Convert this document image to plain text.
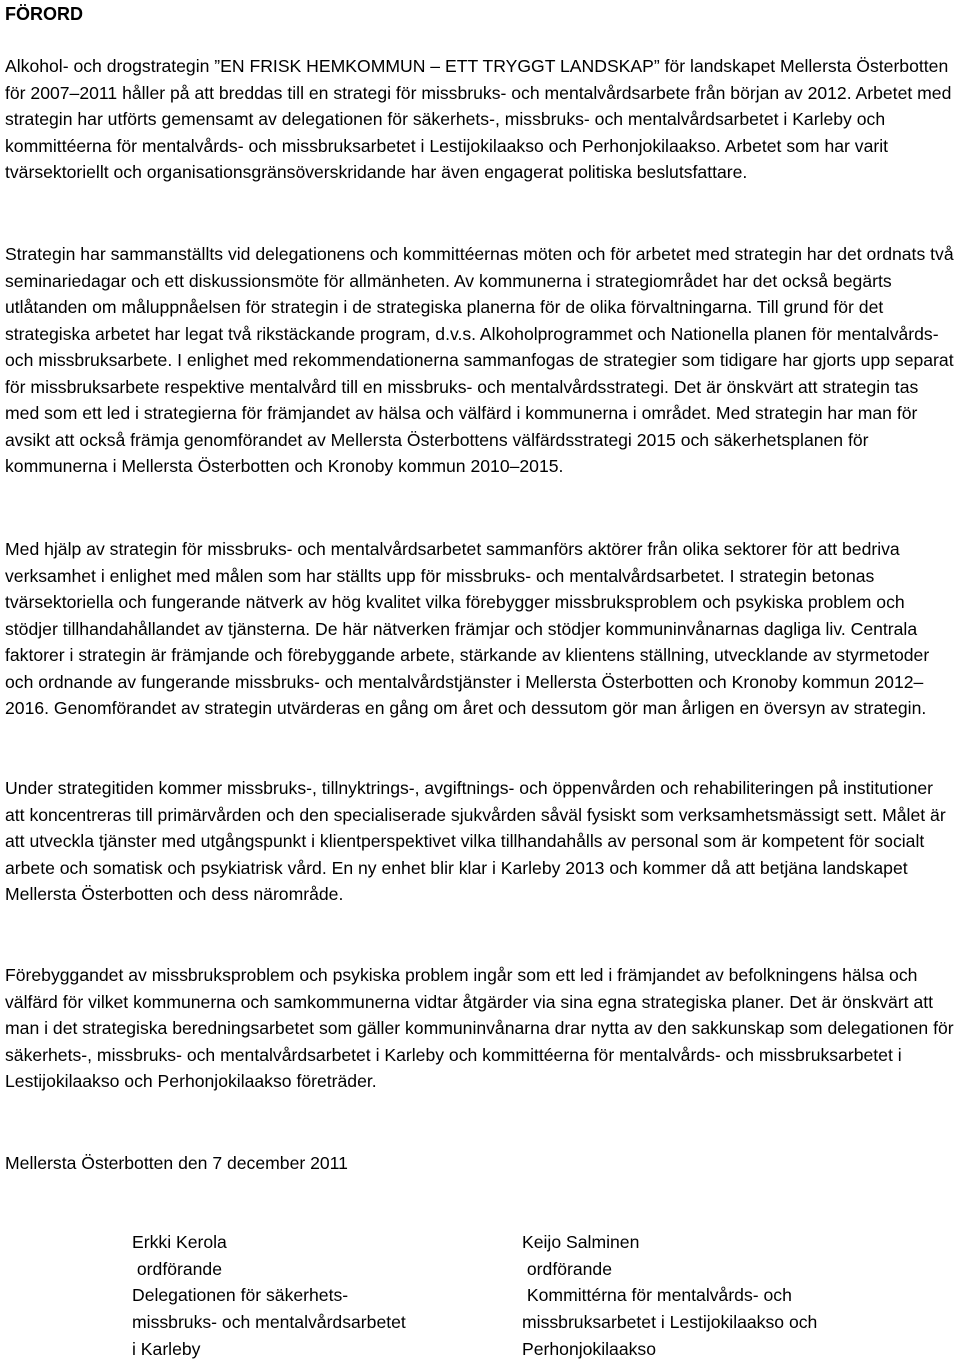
FÖRORD

Alkohol- och drogstrategin ”EN FRISK HEMKOMMUN – ETT TRYGGT LANDSKAP” för landskapet Mellersta Österbotten för 2007–2011 håller på att breddas till en strategi för missbruks- och mentalvårdsarbete från början av 2012. Arbetet med strategin har utförts gemensamt av delegationen för säkerhets-, missbruks- och mentalvårdsarbetet i Karleby och kommittéerna för mentalvårds- och missbruksarbetet i Lestijokilaakso och Perhonjokilaakso. Arbetet som har varit tvärsektoriellt och organisationsgränsöverskridande har även engagerat politiska beslutsfattare.

Strategin har sammanställts vid delegationens och kommittéernas möten och för arbetet med strategin har det ordnats två seminariedagar och ett diskussionsmöte för allmänheten. Av kommunerna i strategiområdet har det också begärts utlåtanden om måluppnåelsen för strategin i de strategiska planerna för de olika förvaltningarna. Till grund för det strategiska arbetet har legat två rikstäckande program, d.v.s. Alkoholprogrammet och Nationella planen för mentalvårds- och missbruksarbete. I enlighet med rekommendationerna sammanfogas de strategier som tidigare har gjorts upp separat för missbruksarbete respektive mentalvård till en missbruks- och mentalvårdsstrategi. Det är önskvärt att strategin tas med som ett led i strategierna för främjandet av hälsa och välfärd i kommunerna i området. Med strategin har man för avsikt att också främja genomförandet av Mellersta Österbottens välfärdsstrategi 2015 och säkerhetsplanen för kommunerna i Mellersta Österbotten och Kronoby kommun 2010–2015.

Med hjälp av strategin för missbruks- och mentalvårdsarbetet sammanförs aktörer från olika sektorer för att bedriva verksamhet i enlighet med målen som har ställts upp för missbruks- och mentalvårdsarbetet. I strategin betonas tvärsektoriella och fungerande nätverk av hög kvalitet vilka förebygger missbruksproblem och psykiska problem och stödjer tillhandahållandet av tjänsterna. De här nätverken främjar och stödjer kommuninvånarnas dagliga liv. Centrala faktorer i strategin är främjande och förebyggande arbete, stärkande av klientens ställning, utvecklande av styrmetoder och ordnande av fungerande missbruks- och mentalvårdstjänster i Mellersta Österbotten och Kronoby kommun 2012–2016. Genomförandet av strategin utvärderas en gång om året och dessutom gör man årligen en översyn av strategin.

Under strategitiden kommer missbruks-, tillnyktrings-, avgiftnings- och öppenvården och rehabiliteringen på institutioner att koncentreras till primärvården och den specialiserade sjukvården såväl fysiskt som verksamhetsmässigt sett. Målet är att utveckla tjänster med utgångspunkt i klientperspektivet vilka tillhandahålls av personal som är kompetent för socialt arbete och somatisk och psykiatrisk vård. En ny enhet blir klar i Karleby 2013 och kommer då att betjäna landskapet Mellersta Österbotten och dess närområde.

Förebyggandet av missbruksproblem och psykiska problem ingår som ett led i främjandet av befolkningens hälsa och välfärd för vilket kommunerna och samkommunerna vidtar åtgärder via sina egna strategiska planer. Det är önskvärt att man i det strategiska beredningsarbetet som gäller kommuninvånarna drar nytta av den sakkunskap som delegationen för säkerhets-, missbruks- och mentalvårdsarbetet i Karleby och kommittéerna för mentalvårds- och missbruksarbetet i Lestijokilaakso och Perhonjokilaakso företräder.

Mellersta Österbotten den 7 december 2011

Erkki Kerola
ordförande
Delegationen för säkerhets-
missbruks- och mentalvårdsarbetet
i Karleby
Keijo Salminen
ordförande
Kommittérna för mentalvårds- och
missbruksarbetet i Lestijokilaakso och
Perhonjokilaakso
